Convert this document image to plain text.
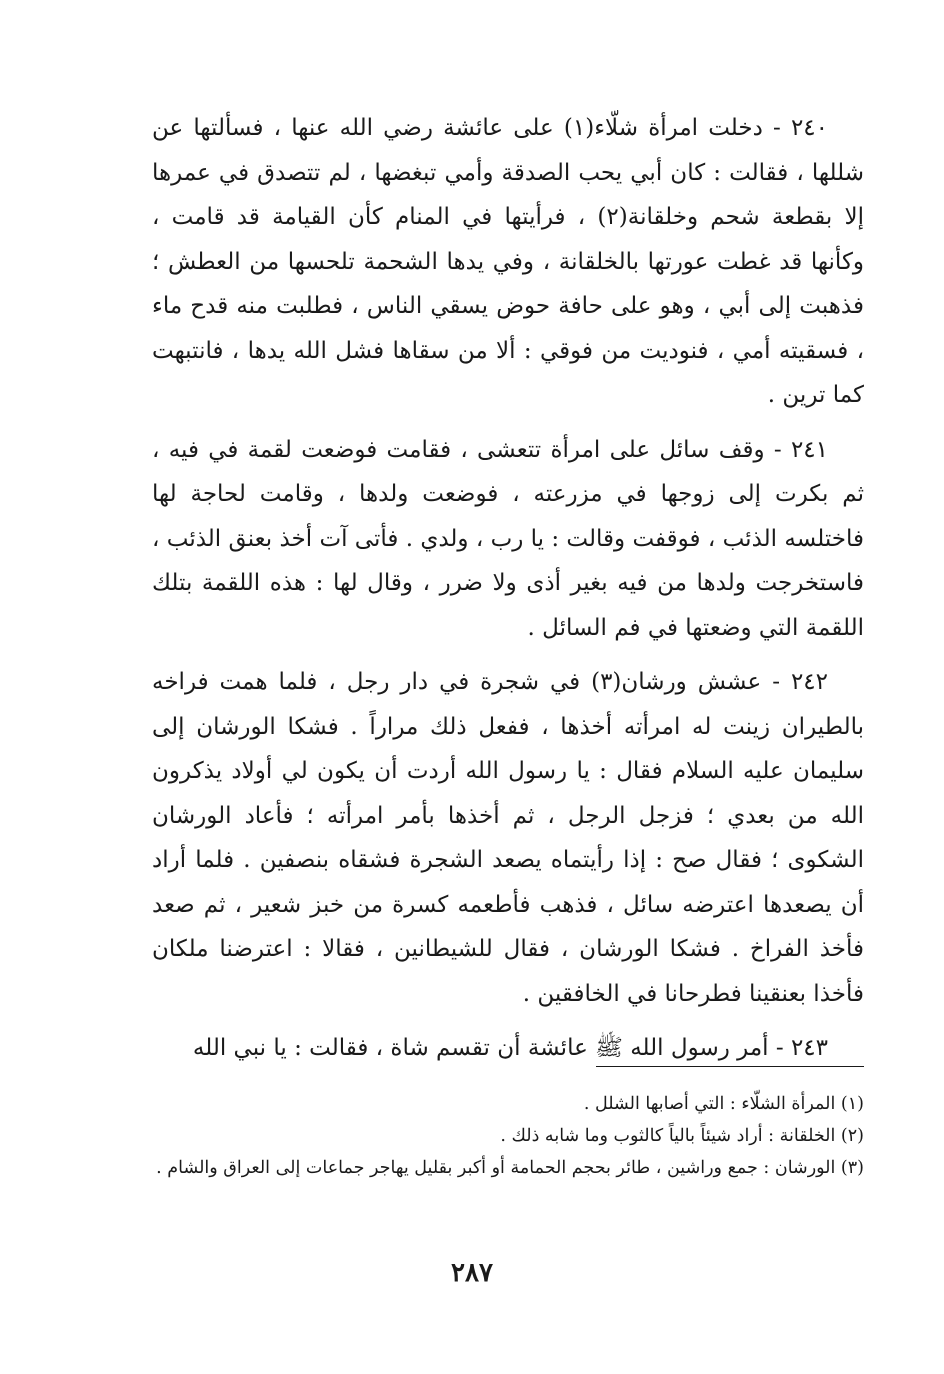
٢٤٠ - دخلت امرأة شلّاء(١) على عائشة رضي الله عنها ، فسألتها عن شللها ، فقالت : كان أبي يحب الصدقة وأمي تبغضها ، لم تتصدق في عمرها إلا بقطعة شحم وخلقانة(٢) ، فرأيتها في المنام كأن القيامة قد قامت ، وكأنها قد غطت عورتها بالخلقانة ، وفي يدها الشحمة تلحسها من العطش ؛ فذهبت إلى أبي ، وهو على حافة حوض يسقي الناس ، فطلبت منه قدح ماء ، فسقيته أمي ، فنوديت من فوقي : ألا من سقاها فشل الله يدها ، فانتبهت كما ترين .

٢٤١ - وقف سائل على امرأة تتعشى ، فقامت فوضعت لقمة في فيه ، ثم بكرت إلى زوجها في مزرعته ، فوضعت ولدها ، وقامت لحاجة لها فاختلسه الذئب ، فوقفت وقالت : يا رب ، ولدي . فأتى آت أخذ بعنق الذئب ، فاستخرجت ولدها من فيه بغير أذى ولا ضرر ، وقال لها : هذه اللقمة بتلك اللقمة التي وضعتها في فم السائل .

٢٤٢ - عشش ورشان(٣) في شجرة في دار رجل ، فلما همت فراخه بالطيران زينت له امرأته أخذها ، ففعل ذلك مراراً . فشكا الورشان إلى سليمان عليه السلام فقال : يا رسول الله أردت أن يكون لي أولاد يذكرون الله من بعدي ؛ فزجل الرجل ، ثم أخذها بأمر امرأته ؛ فأعاد الورشان الشكوى ؛ فقال صح : إذا رأيتماه يصعد الشجرة فشقاه بنصفين . فلما أراد أن يصعدها اعترضه سائل ، فذهب فأطعمه كسرة من خبز شعير ، ثم صعد فأخذ الفراخ . فشكا الورشان ، فقال للشيطانين ، فقالا : اعترضنا ملكان فأخذا بعنقينا فطرحانا في الخافقين .

٢٤٣ - أمر رسول الله ﷺ عائشة أن تقسم شاة ، فقالت : يا نبي الله

(١) المرأة الشلّاء : التي أصابها الشلل .

(٢) الخلقانة : أراد شيئاً بالياً كالثوب وما شابه ذلك .

(٣) الورشان : جمع وراشين ، طائر بحجم الحمامة أو أكبر بقليل يهاجر جماعات إلى العراق والشام .

٢٨٧
